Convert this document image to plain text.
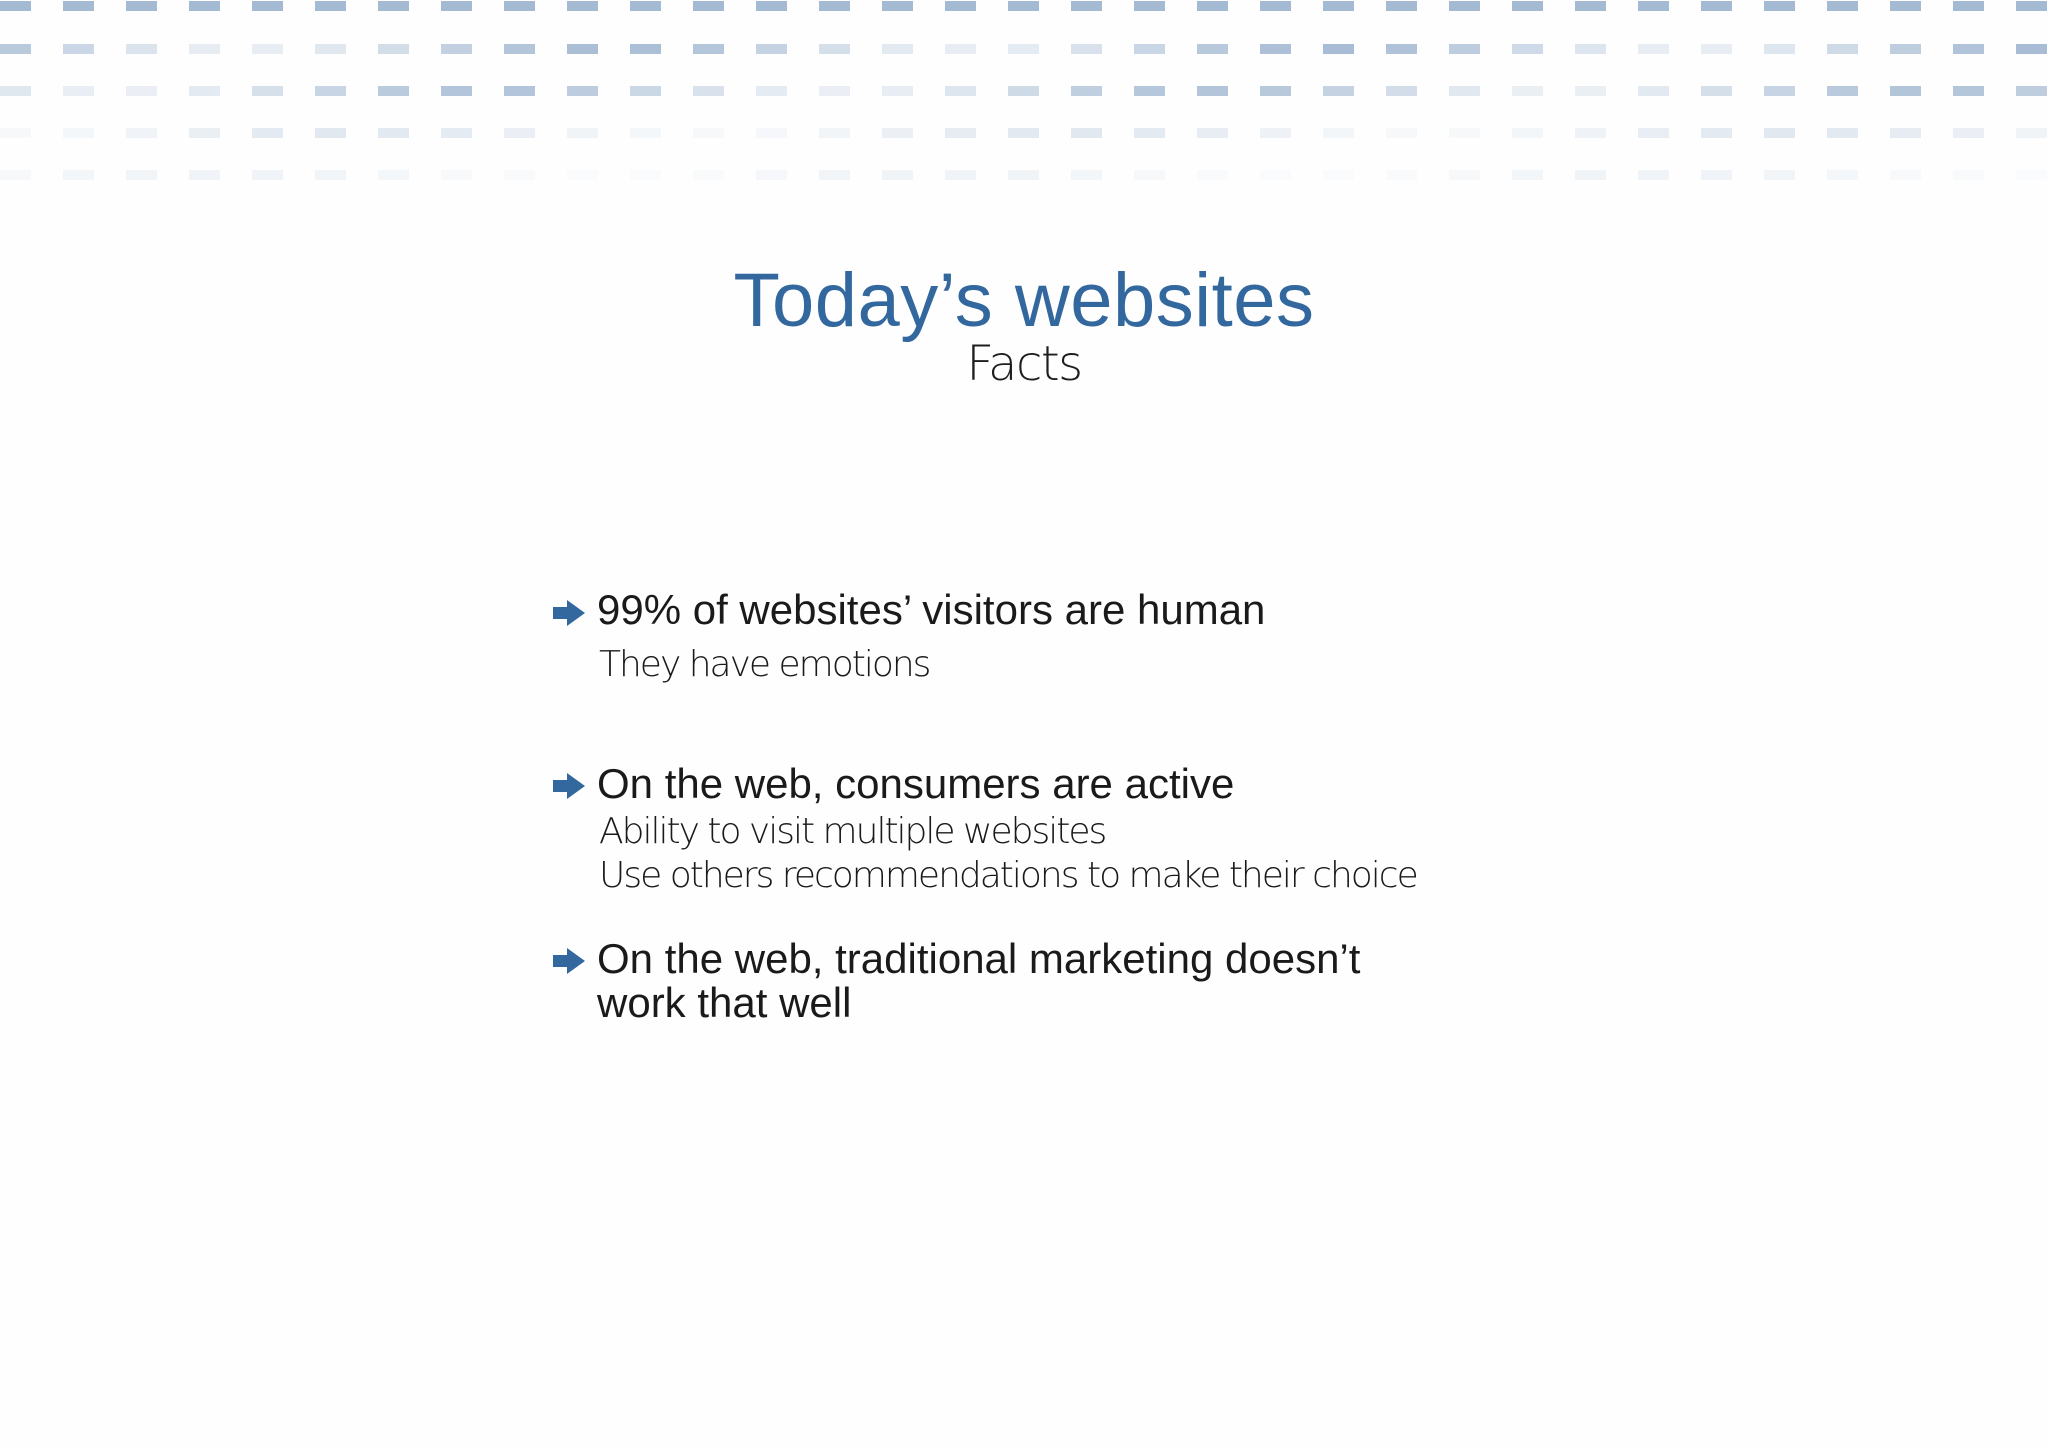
Today’s websites
Facts
99% of websites’ visitors are human
They have emotions
On the web, consumers are active
Ability to visit multiple websites
Use others recommendations to make their choice
On the web, traditional marketing doesn’t
work that well
